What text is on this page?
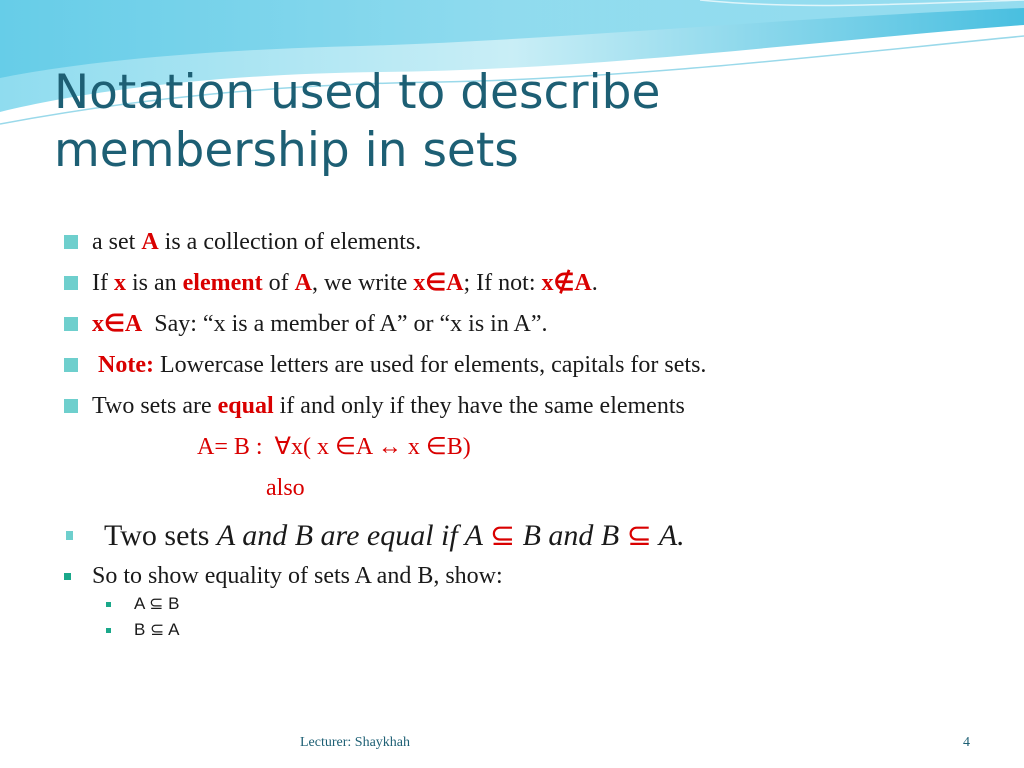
Notation used to describe
membership in sets
a set A is a collection of elements.
If x is an element of A, we write x∈A; If not: x∉A.
x∈A  Say: “x is a member of A” or “x is in A”.
Note: Lowercase letters are used for elements, capitals for sets.
Two sets are equal if and only if they have the same elements
A= B :  ∀x( x ∈A ↔ x ∈B)
also
Two sets A and B are equal if A ⊆ B and B ⊆ A.
So to show equality of sets A and B, show:
A ⊆ B
B ⊆ A
Lecturer: Shaykhah	4
